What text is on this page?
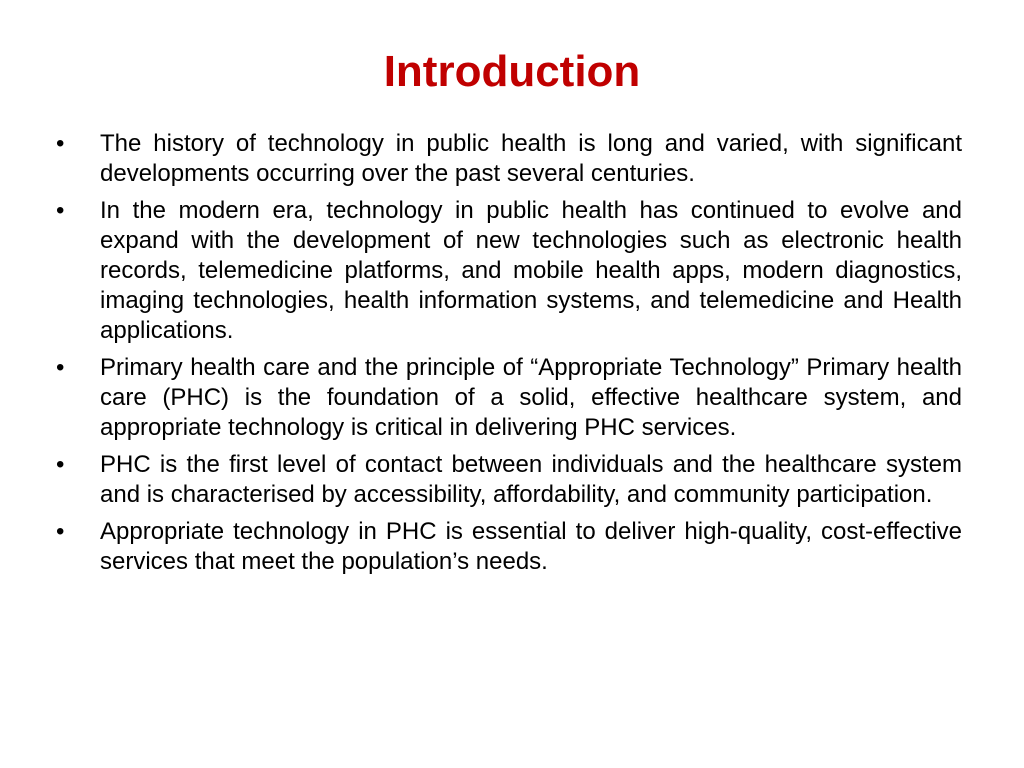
Introduction
•	The history of technology in public health is long and varied, with significant developments occurring over the past several centuries.
•	In the modern era, technology in public health has continued to evolve and expand with the development of new technologies such as electronic health records, telemedicine platforms, and mobile health apps, modern diagnostics, imaging technologies, health information systems, and telemedicine and Health applications.
•	Primary health care and the principle of “Appropriate Technology” Primary health care (PHC) is the foundation of a solid, effective healthcare system, and appropriate technology is critical in delivering PHC services.
•	PHC is the first level of contact between individuals and the healthcare system and is characterised by accessibility, affordability, and community participation.
•	Appropriate technology in PHC is essential to deliver high-quality, cost-effective services that meet the population’s needs.
